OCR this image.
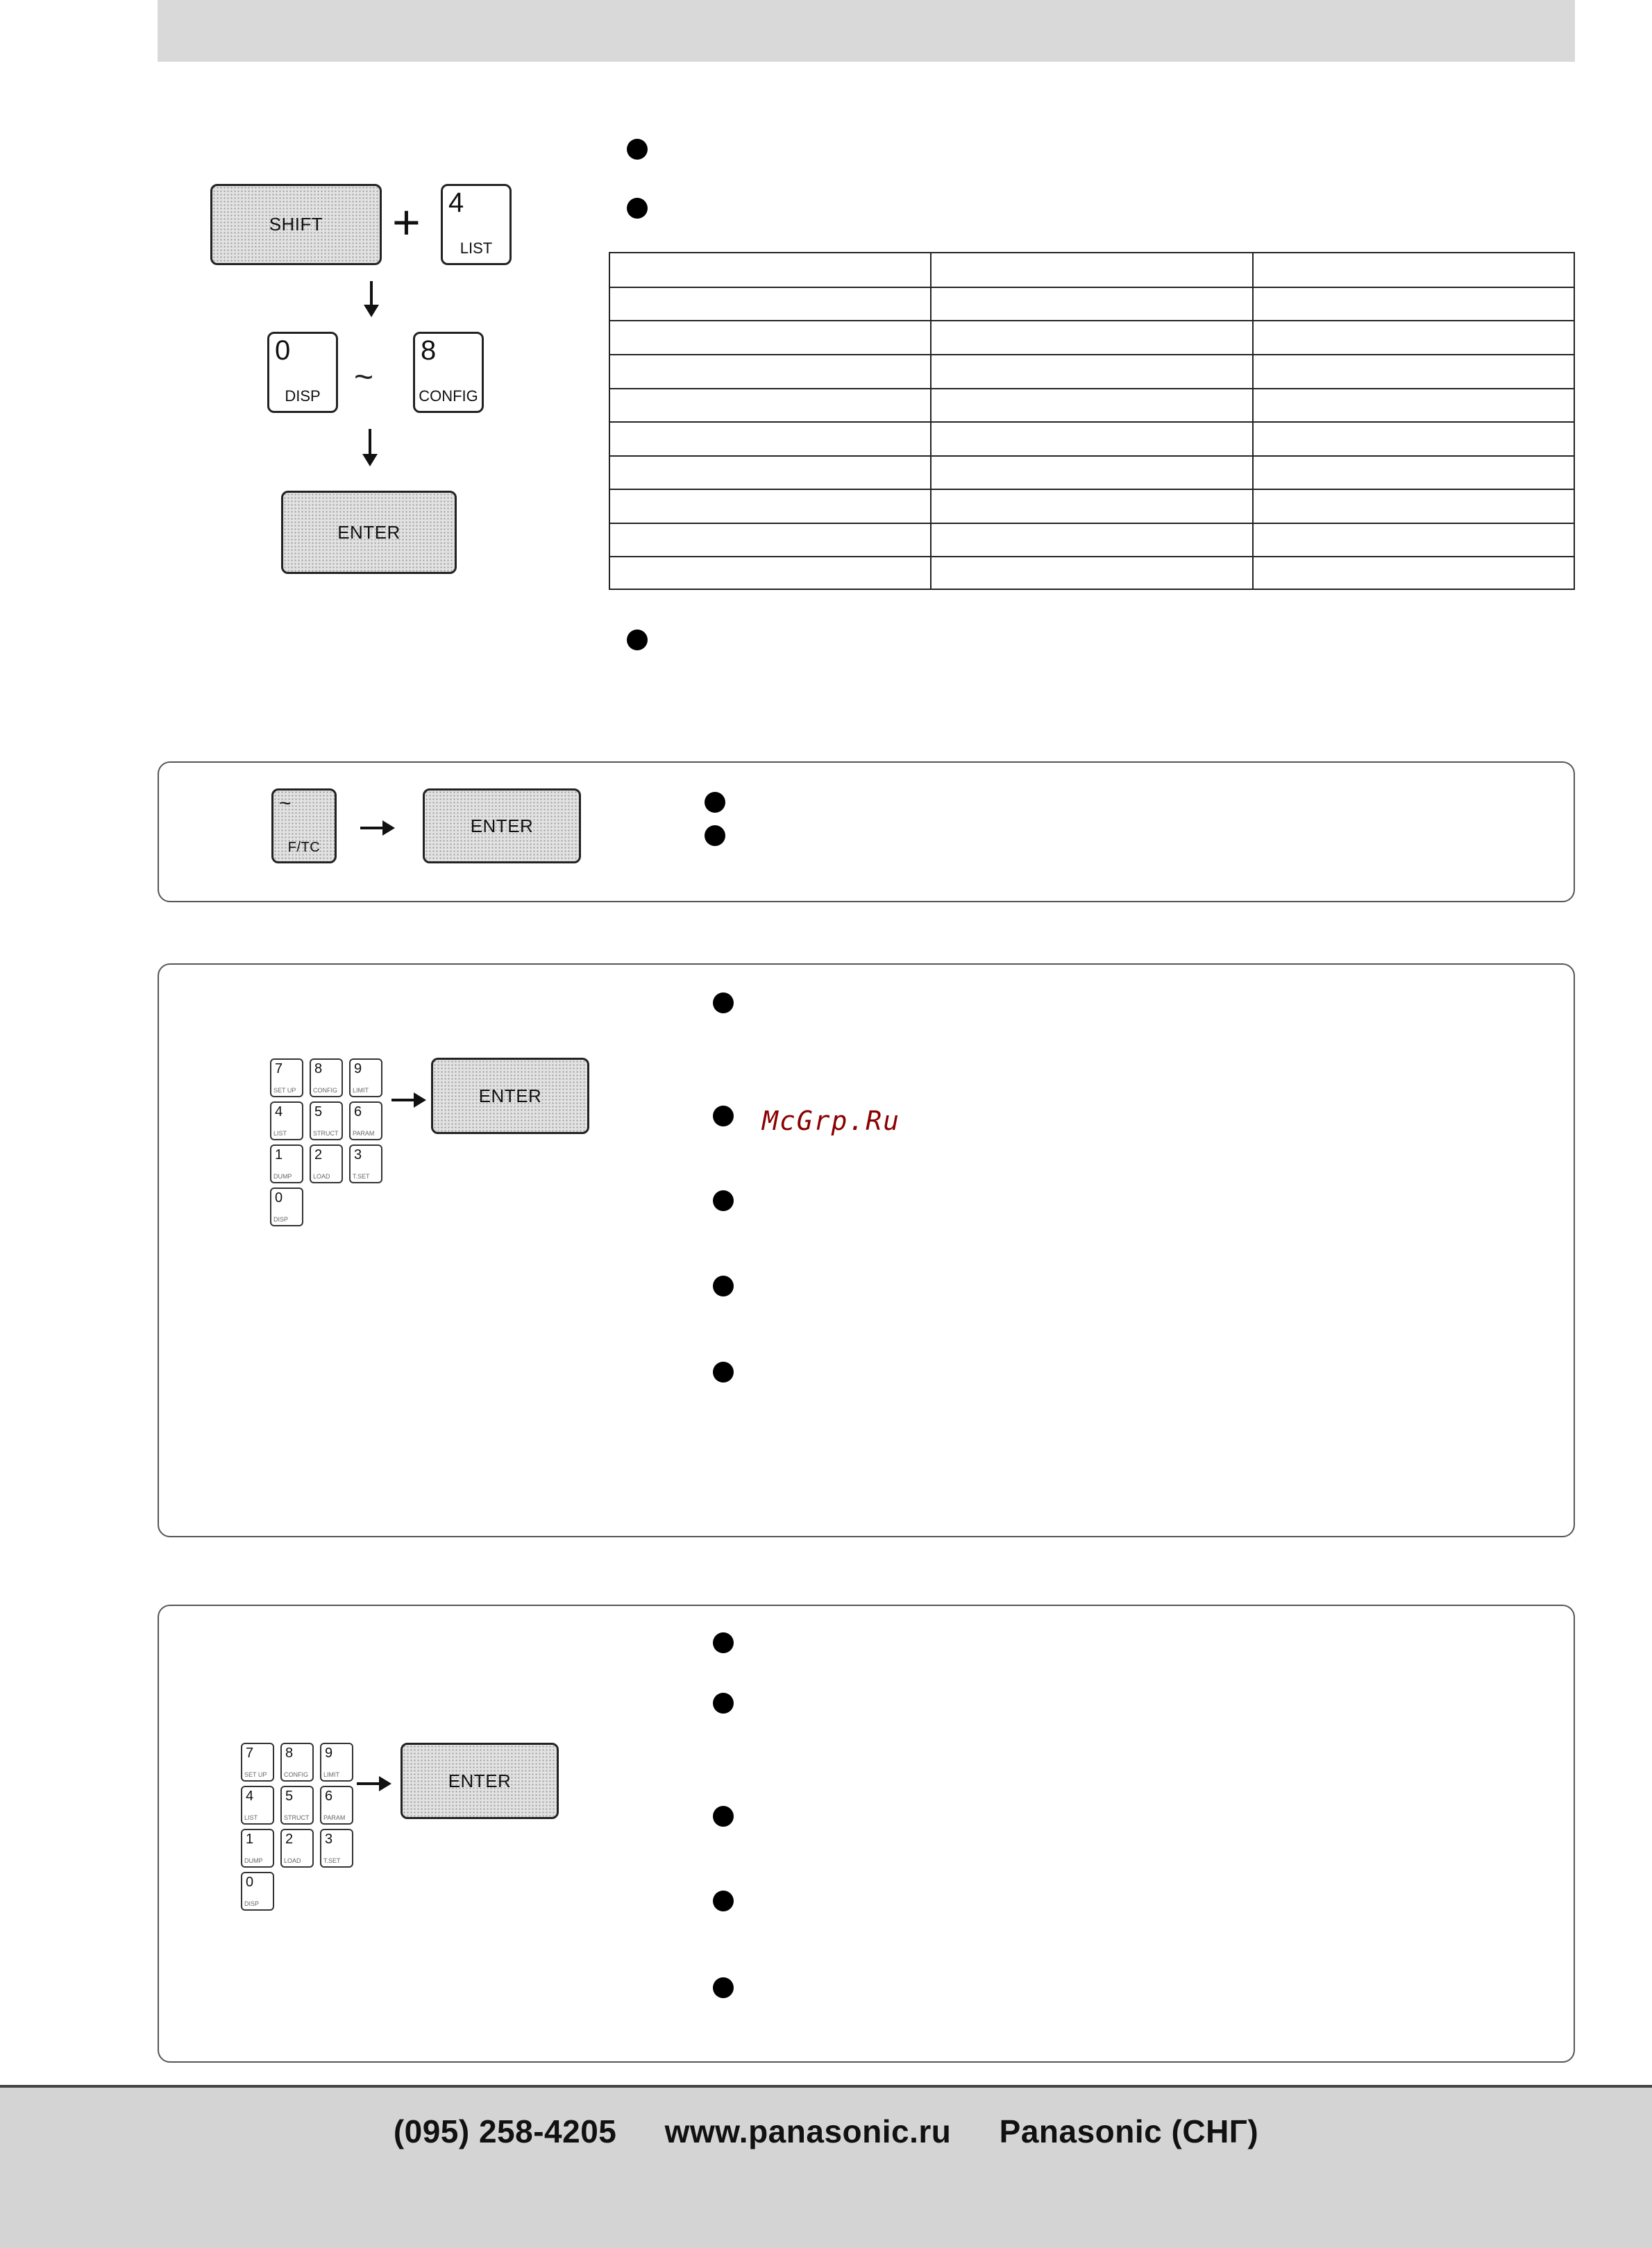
SHIFT + 4
LIST
0
DISP
~
8
CONFIG
ENTER
~
F/TC
ENTER
7
SET UP
8
CONFIG
9
LIMIT
4
LIST
5
STRUCT
6
PARAM
1
DUMP
2
LOAD
3
T.SET
0
DISP
ENTER
McGrp.Ru
7
SET UP
8
CONFIG
9
LIMIT
4
LIST
5
STRUCT
6
PARAM
1
DUMP
2
LOAD
3
T.SET
0
DISP
ENTER
(095) 258-4205 www.panasonic.ru Panasonic (СНГ)
